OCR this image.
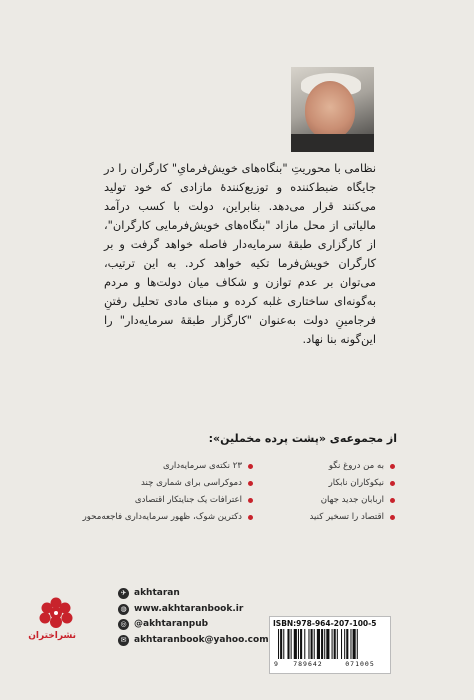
نظامی با محوریتِ "بنگاه‌های خویش‌فرمایِ" کارگران را در جایگاه ضبط‌کننده و توزیع‌کنندۀ مازادی که خود تولید می‌کنند قرار می‌دهد. بنابراین، دولت با کسب درآمد مالیاتی از محل مازاد "بنگاه‌های خویش‌فرمایی کارگران"، از کارگزاری طبقۀ سرمایه‌دار فاصله خواهد گرفت و بر کارگران خویش‌فرما تکیه خواهد کرد. به این ترتیب، می‌توان بر عدم توازن و شکاف میان دولت‌ها و مردم به‌گونه‌ای ساختاری غلبه کرده و مبنای مادی تحلیل رفتنِ فرجامینِ دولت به‌عنوان "کارگزار طبقۀ سرمایه‌دار" را این‌گونه بنا نهاد.

از مجموعه‌ی «پشت پرده مخملین»:
به من دروغ نگو
نیکوکاران نابکار
اربابان جدید جهان
اقتصاد را تسخیر کنید
۲۳ نکته‌ی سرمایه‌داری
دموکراسی برای شماری چند
اعترافات یک جنایتکار اقتصادی
دکترین شوک، ظهور سرمایه‌داری فاجعه‌محور
نشراختران
✈ akhtaran
◍ www.akhtaranbook.ir
◎ @akhtaranpub
✉ akhtaranbook@yahoo.com
ISBN:978-964-207-100-5
9	789642	071005
